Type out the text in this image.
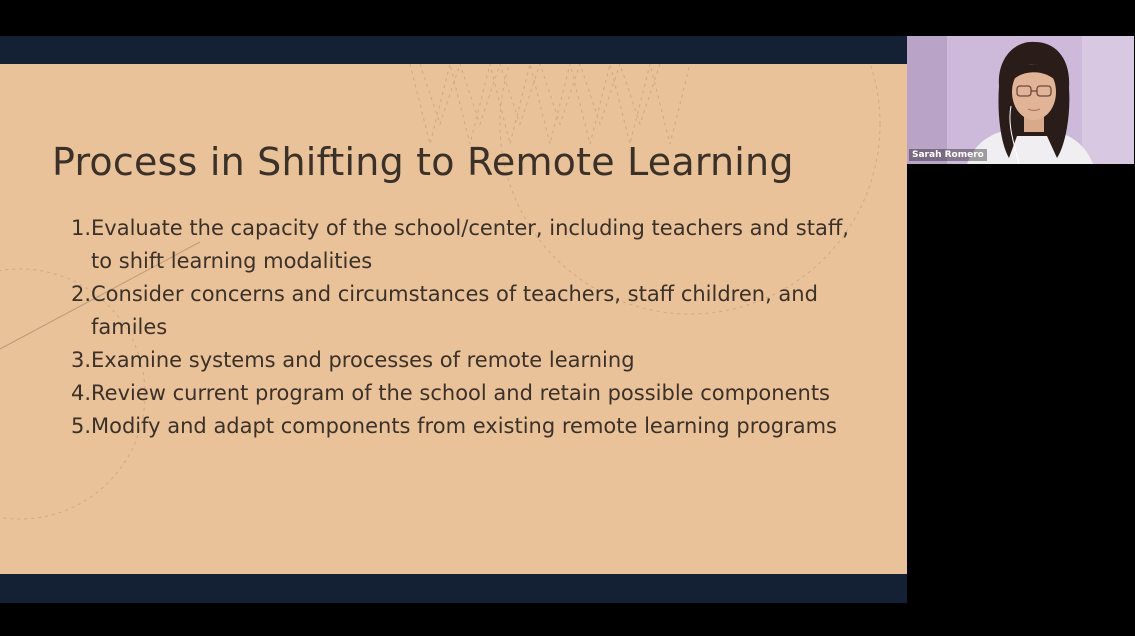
Process in Shifting to Remote Learning
1. Evaluate the capacity of the school/center, including teachers and staff, to shift learning modalities
2. Consider concerns and circumstances of teachers, staff children, and familes
3. Examine systems and processes of remote learning
4. Review current program of the school and retain possible components
5. Modify and adapt components from existing remote learning programs
Sarah Romero
